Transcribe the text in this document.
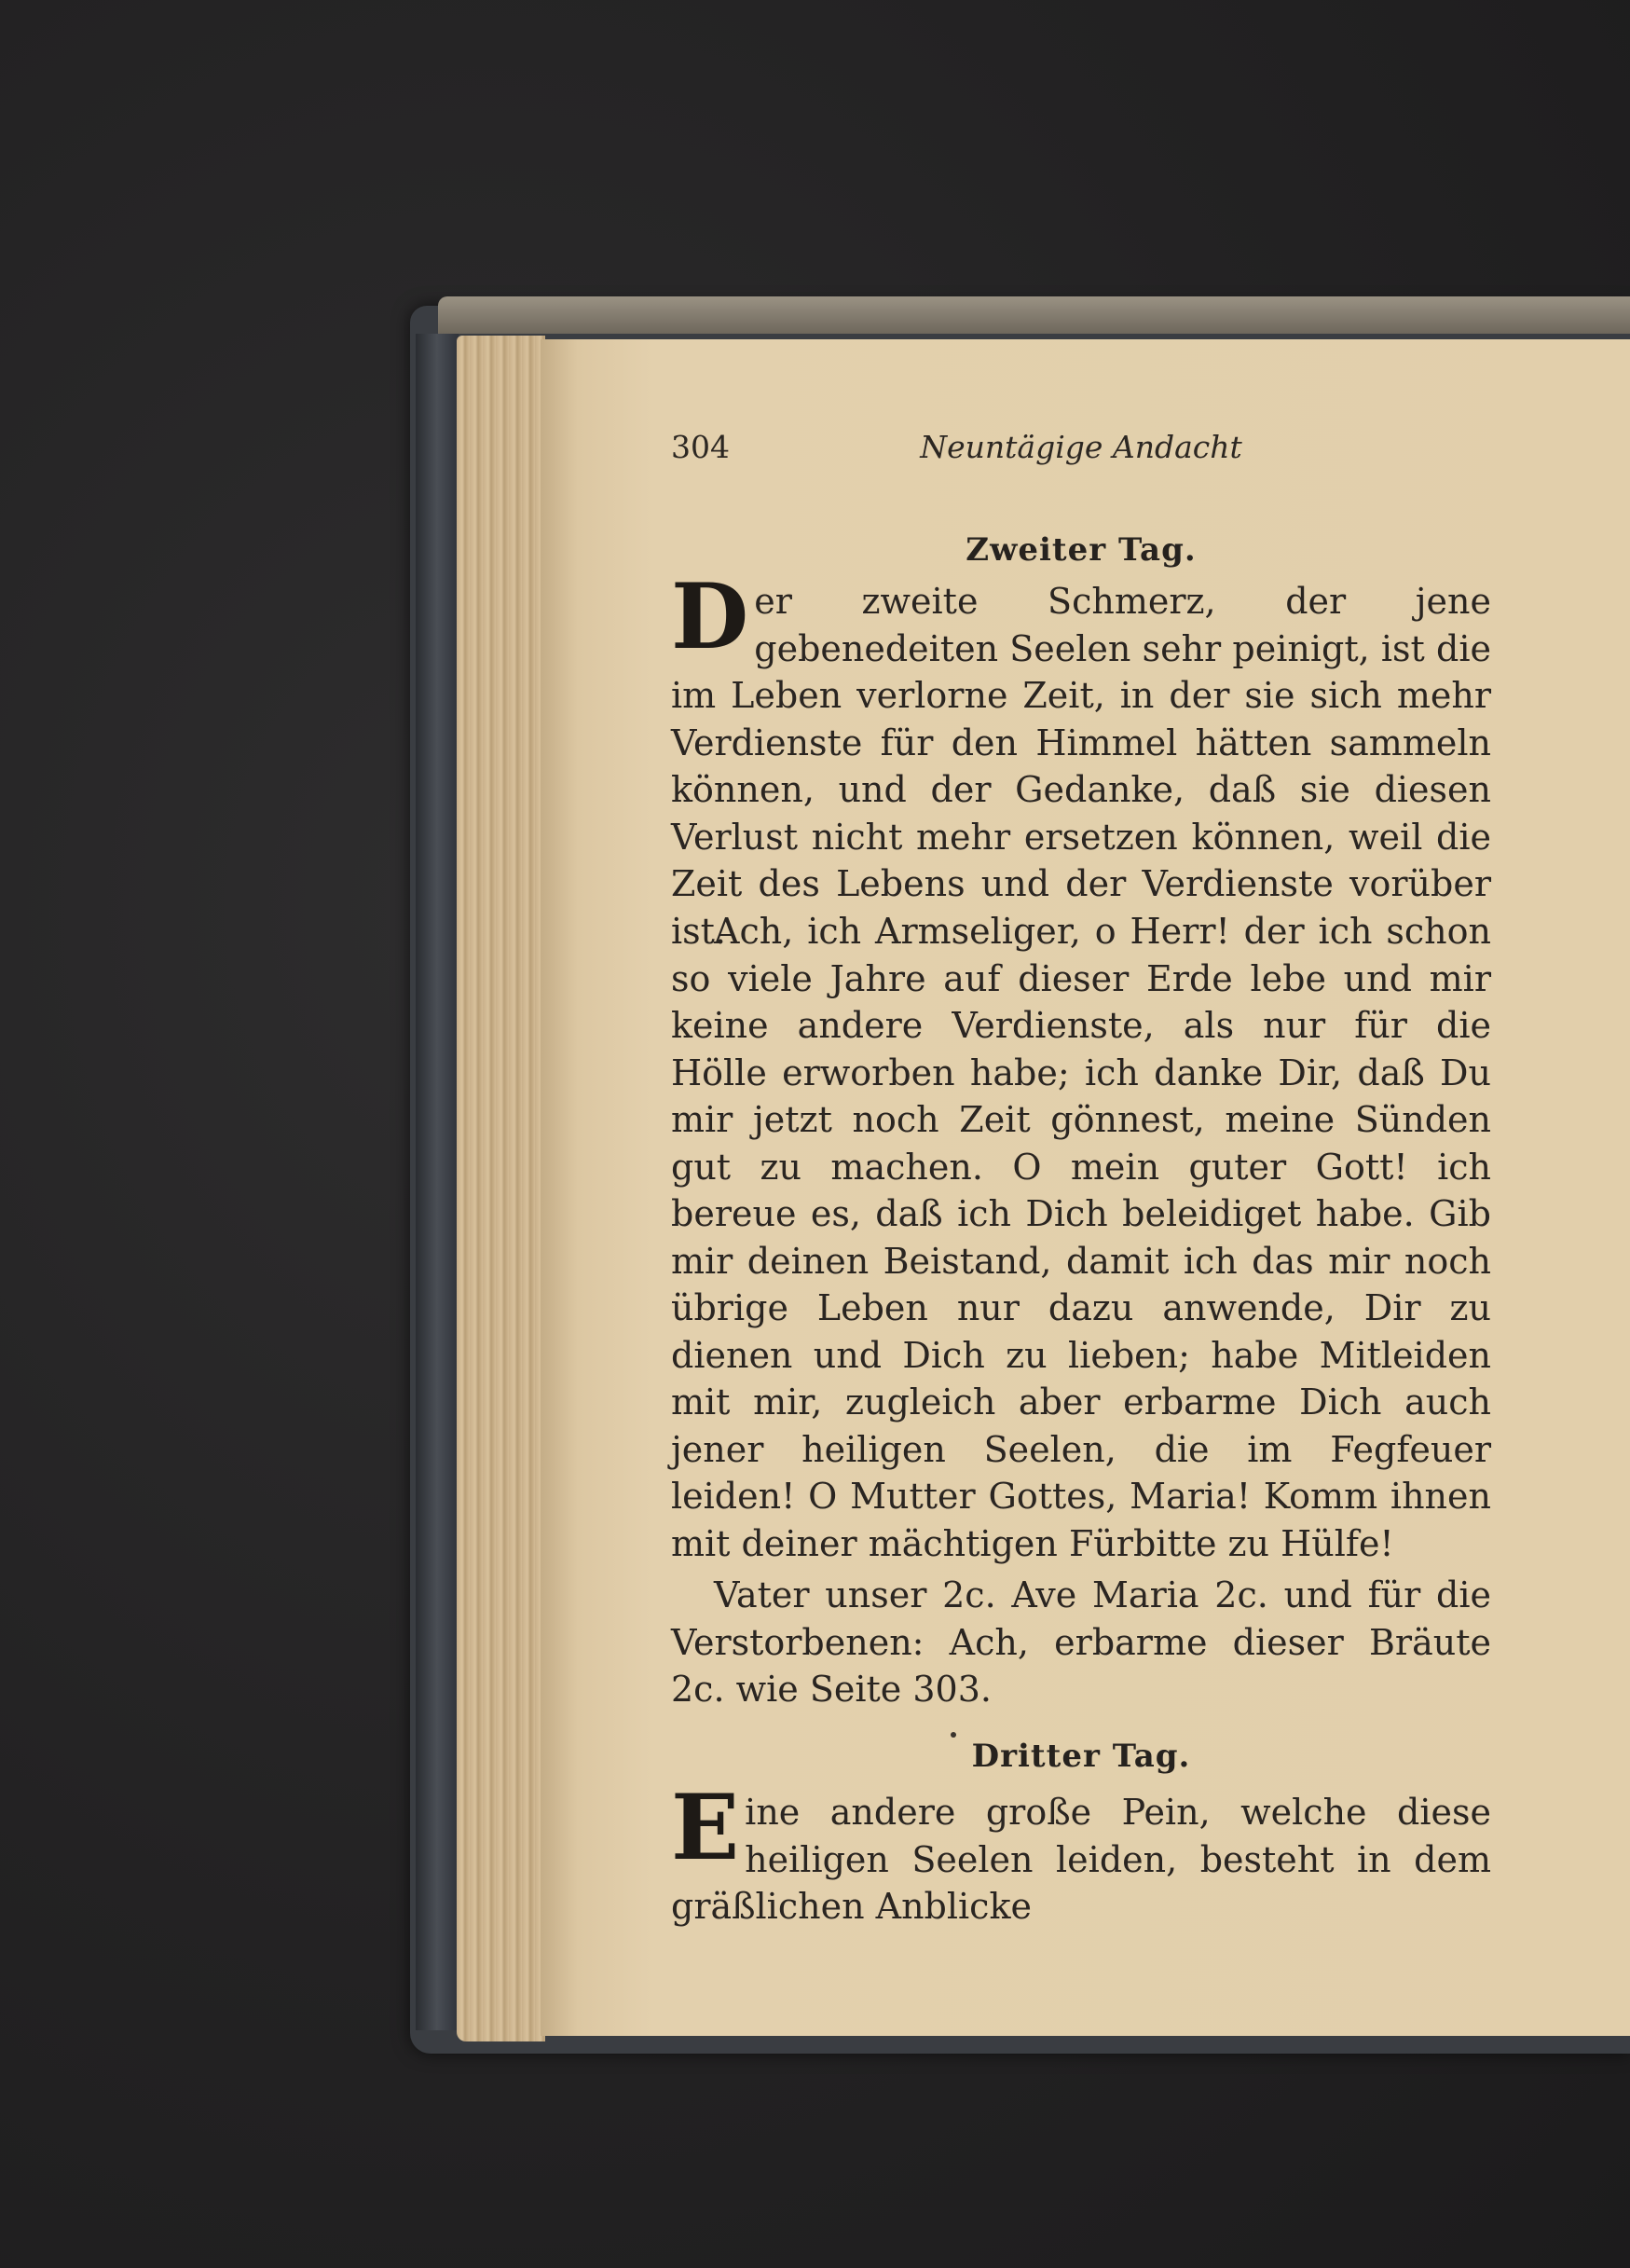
304	Neuntägige Andacht
Zweiter Tag.

Der zweite Schmerz, der jene gebenedeiten Seelen sehr peinigt, ist die im Leben verlorne Zeit, in der sie sich mehr Verdienste für den Himmel hätten sammeln können, und der Gedanke, daß sie diesen Verlust nicht mehr ersetzen können, weil die Zeit des Lebens und der Verdienste vorüber ist.

Ach, ich Armseliger, o Herr! der ich schon so viele Jahre auf dieser Erde lebe und mir keine andere Verdienste, als nur für die Hölle erworben habe; ich danke Dir, daß Du mir jetzt noch Zeit gönnest, meine Sünden gut zu machen. O mein guter Gott! ich bereue es, daß ich Dich beleidiget habe. Gib mir deinen Beistand, damit ich das mir noch übrige Leben nur dazu anwende, Dir zu dienen und Dich zu lieben; habe Mitleiden mit mir, zugleich aber erbarme Dich auch jener heiligen Seelen, die im Fegfeuer leiden! O Mutter Gottes, Maria! Komm ihnen mit deiner mächtigen Fürbitte zu Hülfe!

Vater unser 2c. Ave Maria 2c. und für die Verstorbenen: Ach, erbarme dieser Bräute 2c. wie Seite 303.

Dritter Tag.

Eine andere große Pein, welche diese heiligen Seelen leiden, besteht in dem gräßlichen Anblicke
